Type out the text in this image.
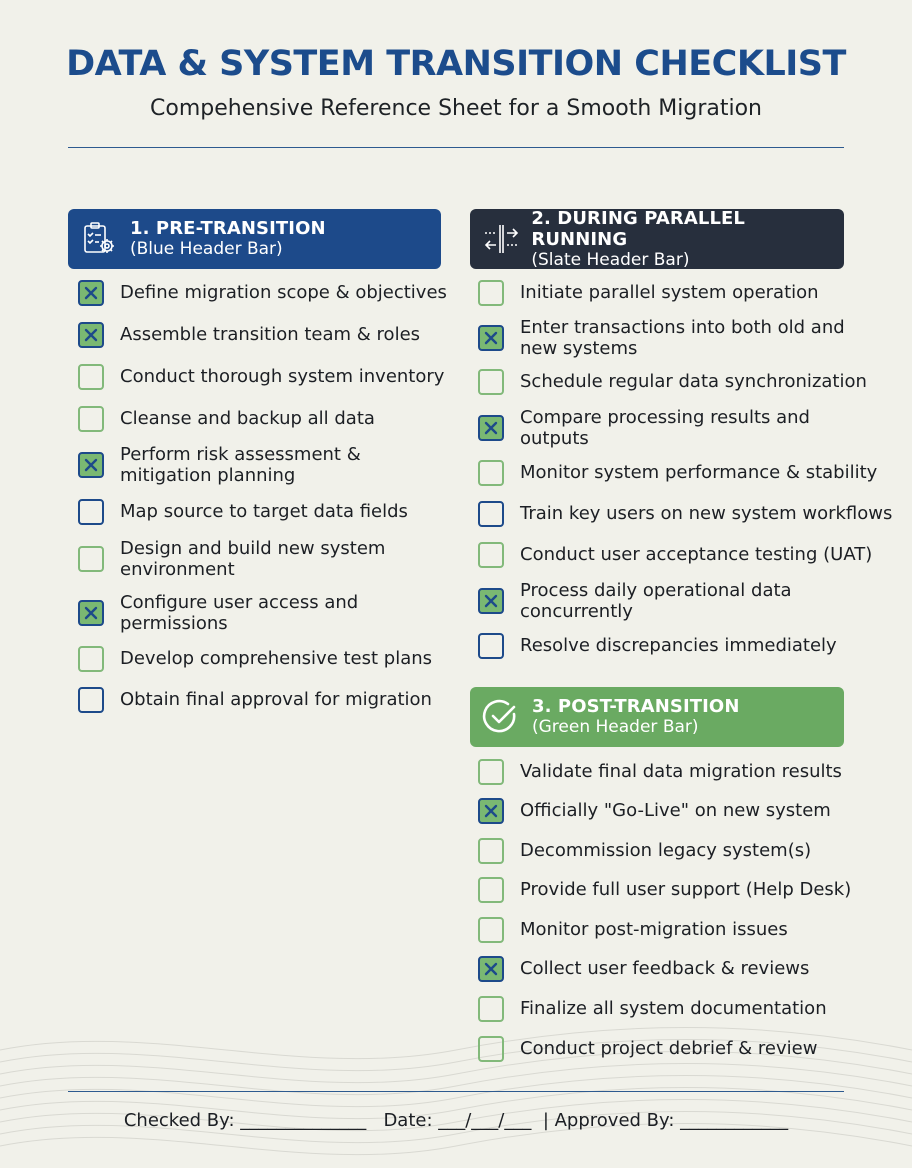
DATA & SYSTEM TRANSITION CHECKLIST
Compehensive Reference Sheet for a Smooth Migration
1. PRE-TRANSITION
(Blue Header Bar)
2. DURING PARALLEL RUNNING
(Slate Header Bar)
3. POST-TRANSITION
(Green Header Bar)
Define migration scope & objectives
Assemble transition team & roles
Conduct thorough system inventory
Cleanse and backup all data
Perform risk assessment & mitigation planning
Map source to target data fields
Design and build new system environment
Configure user access and permissions
Develop comprehensive test plans
Obtain final approval for migration
Initiate parallel system operation
Enter transactions into both old and new systems
Schedule regular data synchronization
Compare processing results and outputs
Monitor system performance & stability
Train key users on new system workflows
Conduct user acceptance testing (UAT)
Process daily operational data concurrently
Resolve discrepancies immediately
Validate final data migration results
Officially "Go-Live" on new system
Decommission legacy system(s)
Provide full user support (Help Desk)
Monitor post-migration issues
Collect user feedback & reviews
Finalize all system documentation
Conduct project debrief & review
Checked By: ______________   Date: ___/___/___  | Approved By: ____________
